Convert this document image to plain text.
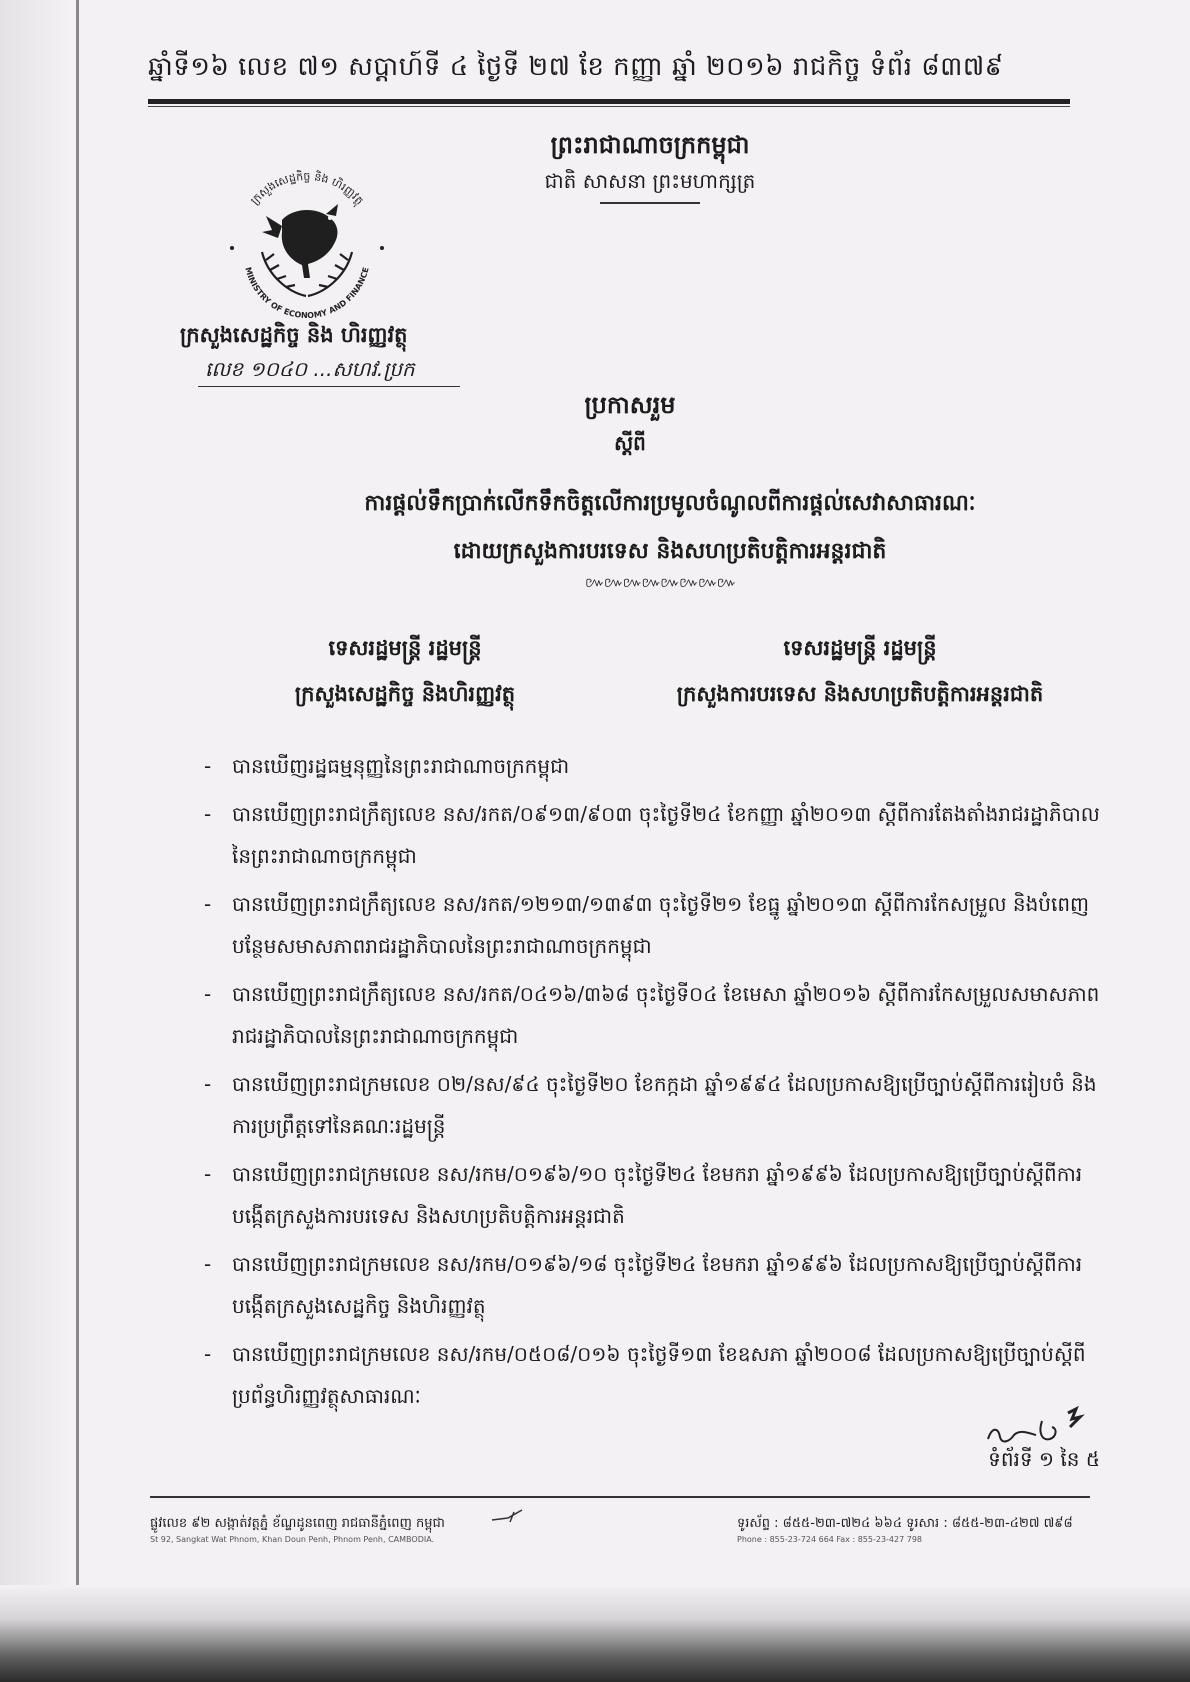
ឆ្នាំទី១៦ លេខ ៧១ សប្ដាហ៍ទី ៤ ថ្ងៃទី ២៧ ខែ កញ្ញា ឆ្នាំ ២០១៦ រាជកិច្ច ទំព័រ ៨៣៧៩
ព្រះរាជាណាចក្រកម្ពុជា
ជាតិ សាសនា ព្រះមហាក្សត្រ
ក្រសួងសេដ្ឋកិច្ច និង ហិរញ្ញវត្ថុ
MINISTRY OF ECONOMY AND FINANCE
ក្រសួងសេដ្ឋកិច្ច និង ហិរញ្ញវត្ថុ
លេខ ១០៤០ ...សហវ.ប្រក
ប្រកាសរួម
ស្ដីពី
ការផ្ដល់ទឹកប្រាក់លើកទឹកចិត្តលើការប្រមូលចំណូលពីការផ្ដល់សេវាសាធារណៈ
ដោយក្រសួងការបរទេស និងសហប្រតិបត្តិការអន្តរជាតិ
៚៚៚៚៚៚៚៚
ទេសរដ្ឋមន្ត្រី រដ្ឋមន្ត្រី
ក្រសួងសេដ្ឋកិច្ច និងហិរញ្ញវត្ថុ
ទេសរដ្ឋមន្ត្រី រដ្ឋមន្ត្រី
ក្រសួងការបរទេស និងសហប្រតិបត្តិការអន្តរជាតិ
- បានឃើញរដ្ឋធម្មនុញ្ញនៃព្រះរាជាណាចក្រកម្ពុជា
- បានឃើញព្រះរាជក្រឹត្យលេខ នស/រកត/០៩១៣/៩០៣ ចុះថ្ងៃទី២៤ ខែកញ្ញា ឆ្នាំ២០១៣ ស្ដីពីការតែងតាំងរាជរដ្ឋាភិបាលនៃព្រះរាជាណាចក្រកម្ពុជា
- បានឃើញព្រះរាជក្រឹត្យលេខ នស/រកត/១២១៣/១៣៩៣ ចុះថ្ងៃទី២១ ខែធ្នូ ឆ្នាំ២០១៣ ស្ដីពីការកែសម្រួល និងបំពេញបន្ថែមសមាសភាពរាជរដ្ឋាភិបាលនៃព្រះរាជាណាចក្រកម្ពុជា
- បានឃើញព្រះរាជក្រឹត្យលេខ នស/រកត/០៤១៦/៣៦៨ ចុះថ្ងៃទី០៤ ខែមេសា ឆ្នាំ២០១៦ ស្ដីពីការកែសម្រួលសមាសភាពរាជរដ្ឋាភិបាលនៃព្រះរាជាណាចក្រកម្ពុជា
- បានឃើញព្រះរាជក្រមលេខ ០២/នស/៩៤ ចុះថ្ងៃទី២០ ខែកក្កដា ឆ្នាំ១៩៩៤ ដែលប្រកាសឱ្យប្រើច្បាប់ស្ដីពីការរៀបចំ និងការប្រព្រឹត្តទៅនៃគណៈរដ្ឋមន្ត្រី
- បានឃើញព្រះរាជក្រមលេខ នស/រកម/០១៩៦/១០ ចុះថ្ងៃទី២៤ ខែមករា ឆ្នាំ១៩៩៦ ដែលប្រកាសឱ្យប្រើច្បាប់ស្ដីពីការបង្កើតក្រសួងការបរទេស និងសហប្រតិបត្តិការអន្តរជាតិ
- បានឃើញព្រះរាជក្រមលេខ នស/រកម/០១៩៦/១៨ ចុះថ្ងៃទី២៤ ខែមករា ឆ្នាំ១៩៩៦ ដែលប្រកាសឱ្យប្រើច្បាប់ស្ដីពីការបង្កើតក្រសួងសេដ្ឋកិច្ច និងហិរញ្ញវត្ថុ
- បានឃើញព្រះរាជក្រមលេខ នស/រកម/០៥០៨/០១៦ ចុះថ្ងៃទី១៣ ខែឧសភា ឆ្នាំ២០០៨ ដែលប្រកាសឱ្យប្រើច្បាប់ស្ដីពីប្រព័ន្ធហិរញ្ញវត្ថុសាធារណៈ
ទំព័រទី ១ នៃ ៥
ផ្លូវលេខ ៩២ សង្កាត់វត្តភ្នំ ខ័ណ្ឌដូនពេញ រាជធានីភ្នំពេញ កម្ពុជា
St 92, Sangkat Wat Phnom, Khan Doun Penh, Phnom Penh, CAMBODIA.
ទូរស័ព្ទ : ៨៥៥-២៣-៧២៤ ៦៦៤ ទូរសារ : ៨៥៥-២៣-៤២៧ ៧៩៨
Phone : 855-23-724 664 Fax : 855-23-427 798
